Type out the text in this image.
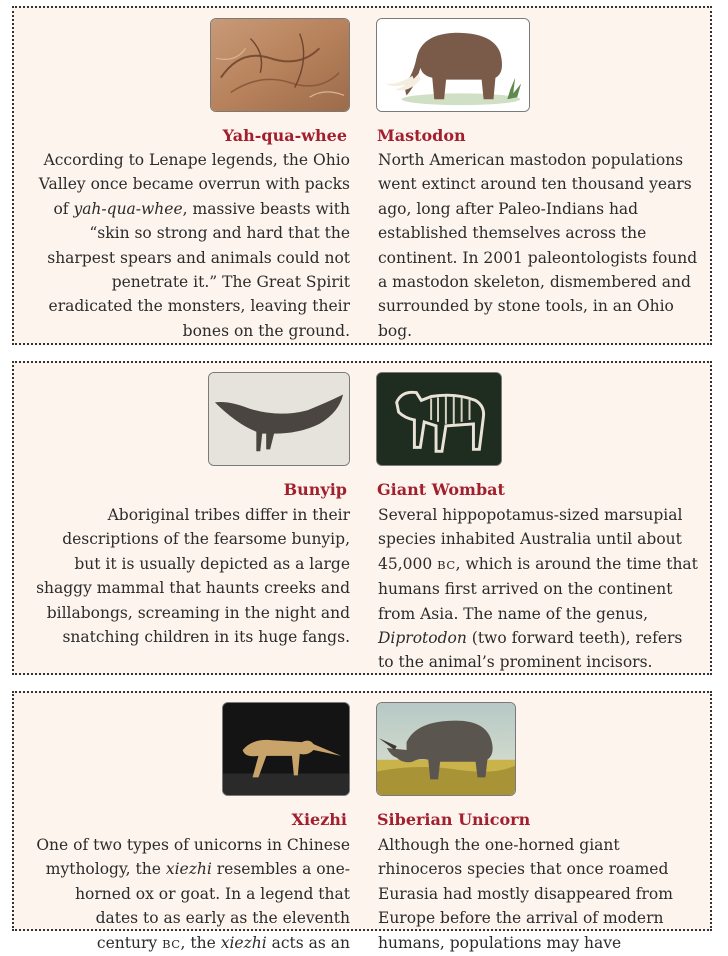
Yah-qua-whee Mastodon

According to Lenape legends, the Ohio Valley once became overrun with packs of yah-qua-whee, massive beasts with “skin so strong and hard that the sharpest spears and animals could not penetrate it.” The Great Spirit eradicated the monsters, leaving their bones on the ground.

North American mastodon populations went extinct around ten thousand years ago, long after Paleo-Indians had established themselves across the continent. In 2001 paleontologists found a mastodon skeleton, dismembered and surrounded by stone tools, in an Ohio bog.

Bunyip Giant Wombat

Aboriginal tribes differ in their descriptions of the fearsome bunyip, but it is usually depicted as a large shaggy mammal that haunts creeks and billabongs, screaming in the night and snatching children in its huge fangs.

Several hippopotamus-sized marsupial species inhabited Australia until about 45,000 BC, which is around the time that humans first arrived on the continent from Asia. The name of the genus, Diprotodon (two forward teeth), refers to the animal’s prominent incisors.

Xiezhi Siberian Unicorn

One of two types of unicorns in Chinese mythology, the xiezhi resembles a one-horned ox or goat. In a legend that dates to as early as the eleventh century BC, the xiezhi acts as an

Although the one-horned giant rhinoceros species that once roamed Eurasia had mostly disappeared from Europe before the arrival of modern humans, populations may have
